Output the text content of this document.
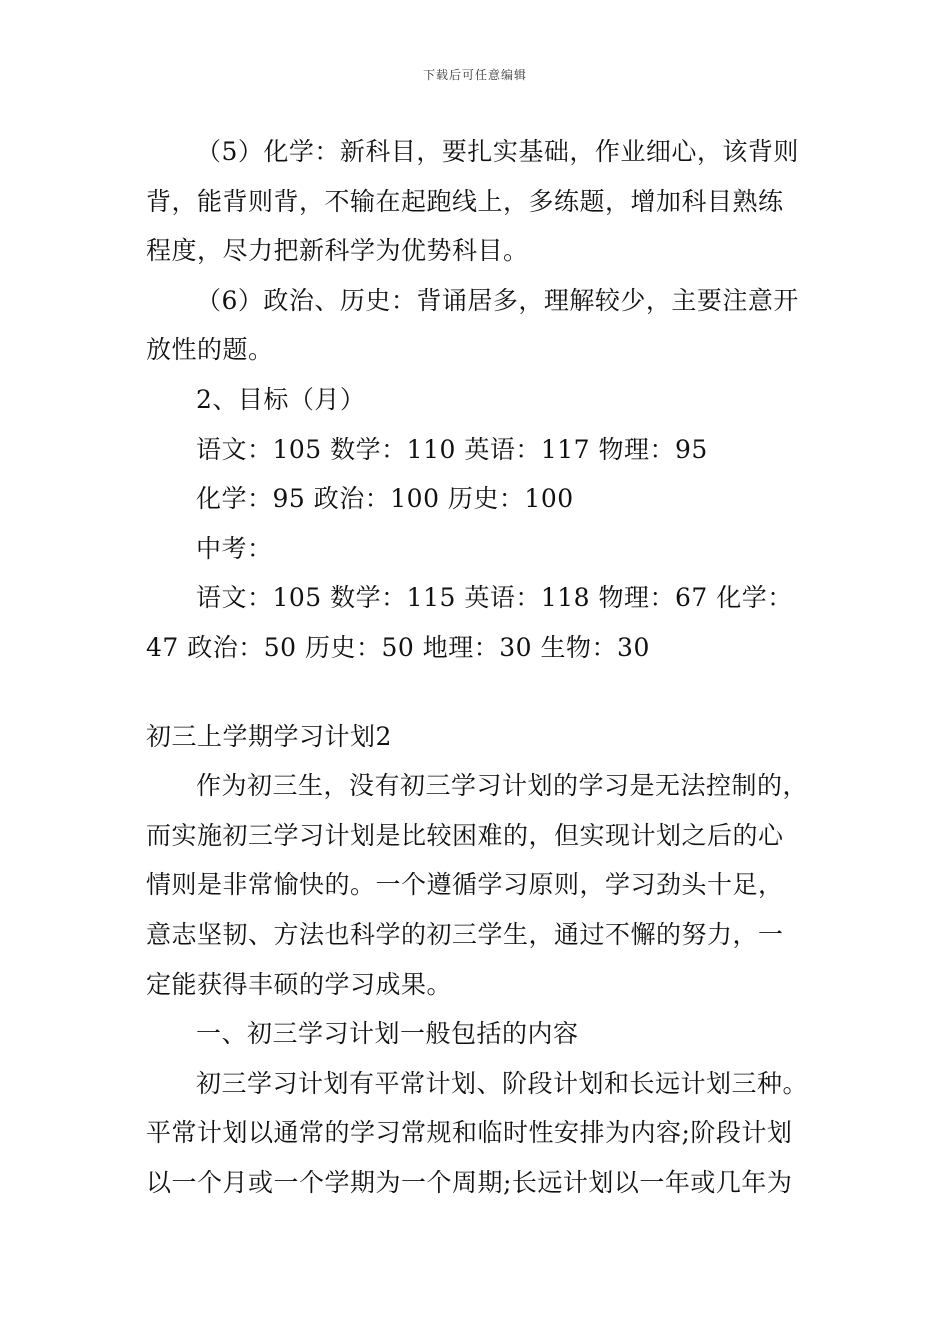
下载后可任意编辑

（5）化学：新科目，要扎实基础，作业细心，该背则背，能背则背，不输在起跑线上，多练题，增加科目熟练程度，尽力把新科学为优势科目。

（6）政治、历史：背诵居多，理解较少，主要注意开放性的题。

2、目标（月）

语文：105 数学：110 英语：117 物理：95

化学：95 政治：100 历史：100

中考：

语文：105 数学：115 英语：118 物理：67 化学：47 政治：50 历史：50 地理：30 生物：30

初三上学期学习计划2

作为初三生，没有初三学习计划的学习是无法控制的，而实施初三学习计划是比较困难的，但实现计划之后的心情则是非常愉快的。一个遵循学习原则，学习劲头十足，意志坚韧、方法也科学的初三学生，通过不懈的努力，一定能获得丰硕的学习成果。

一、初三学习计划一般包括的内容

初三学习计划有平常计划、阶段计划和长远计划三种。平常计划以通常的学习常规和临时性安排为内容;阶段计划以一个月或一个学期为一个周期;长远计划以一年或几年为
